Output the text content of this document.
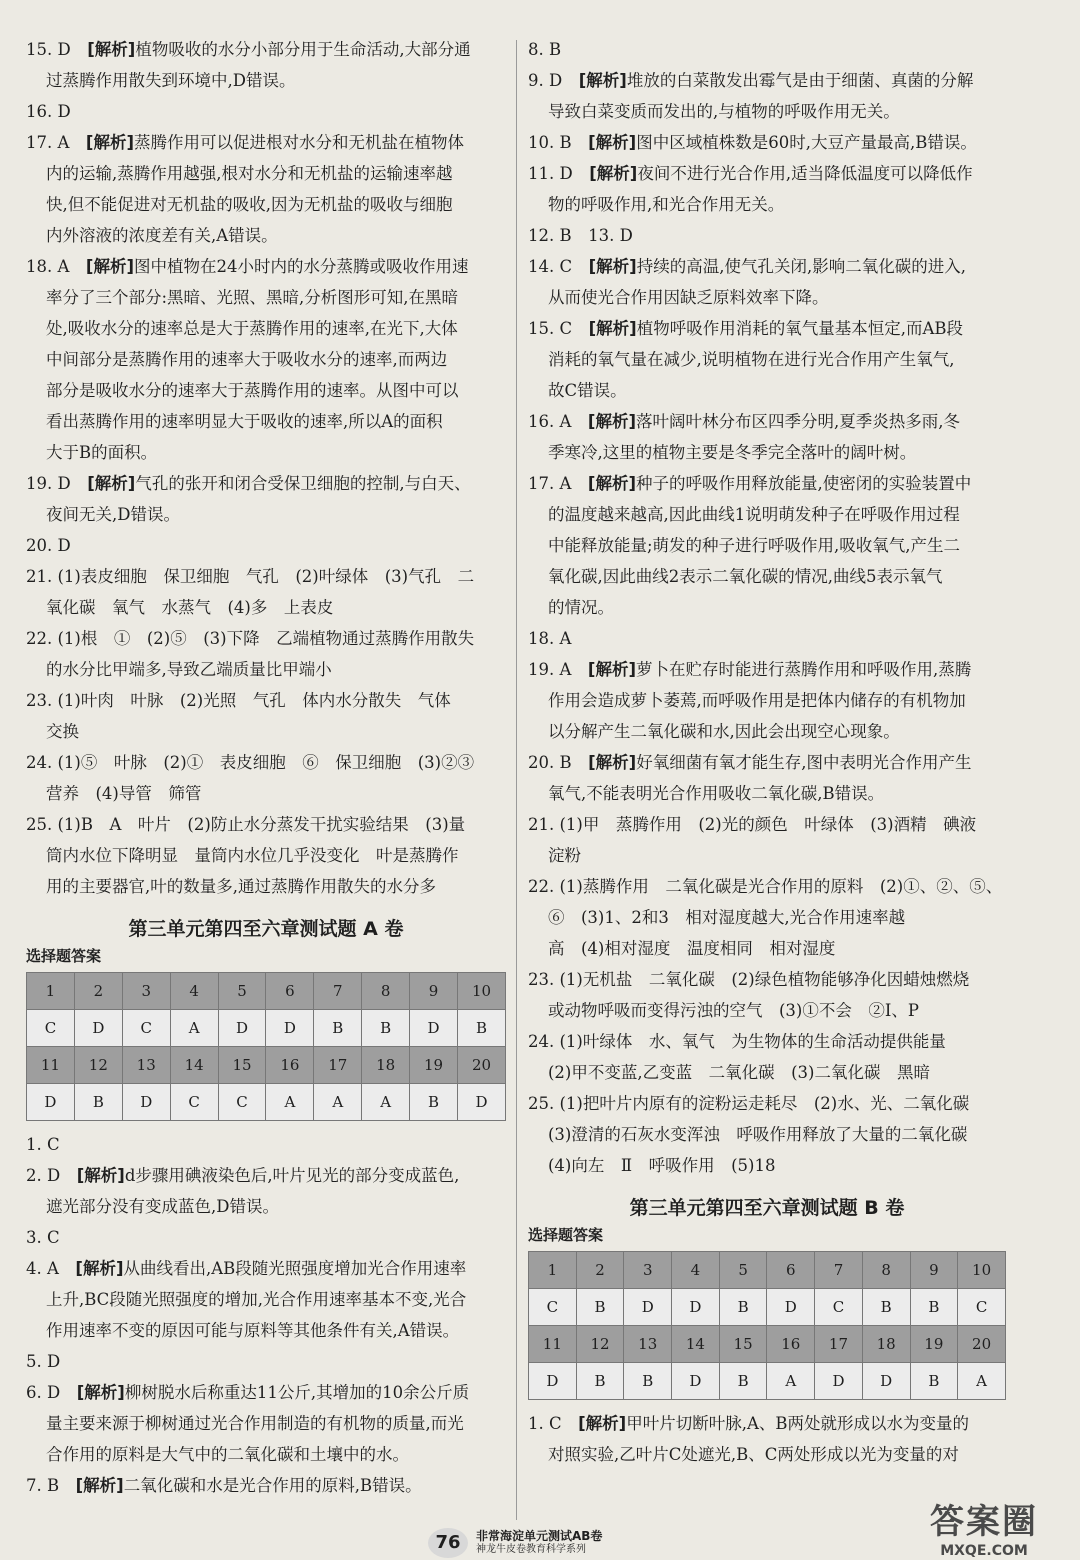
15. D　 [解析]植物吸收的水分小部分用于生命活动,大部分通
过蒸腾作用散失到环境中,D错误。
16. D　
17. A　 [解析]蒸腾作用可以促进根对水分和无机盐在植物体
内的运输,蒸腾作用越强,根对水分和无机盐的运输速率越
快,但不能促进对无机盐的吸收,因为无机盐的吸收与细胞
内外溶液的浓度差有关,A错误。
18. A　 [解析]图中植物在24小时内的水分蒸腾或吸收作用速
率分了三个部分:黑暗、光照、黑暗,分析图形可知,在黑暗
处,吸收水分的速率总是大于蒸腾作用的速率,在光下,大体
中间部分是蒸腾作用的速率大于吸收水分的速率,而两边
部分是吸收水分的速率大于蒸腾作用的速率。从图中可以
看出蒸腾作用的速率明显大于吸收的速率,所以A的面积
大于B的面积。
19. D　 [解析]气孔的张开和闭合受保卫细胞的控制,与白天、
夜间无关,D错误。
20. D　
21. (1)表皮细胞　保卫细胞　气孔　(2)叶绿体　(3)气孔　二
氧化碳　氧气　水蒸气　(4)多　上表皮
22. (1)根　①　(2)⑤　(3)下降　乙端植物通过蒸腾作用散失
的水分比甲端多,导致乙端质量比甲端小
23. (1)叶肉　叶脉　(2)光照　气孔　体内水分散失　气体
交换
24. (1)⑤　叶脉　(2)①　表皮细胞　⑥　保卫细胞　(3)②③
营养　(4)导管　筛管
25. (1)B　A　叶片　(2)防止水分蒸发干扰实验结果　(3)量
筒内水位下降明显　量筒内水位几乎没变化　叶是蒸腾作
用的主要器官,叶的数量多,通过蒸腾作用散失的水分多
第三单元第四至六章测试题 A 卷
选择题答案
1	2	3	4	5	6	7	8	9	10
C	D	C	A	D	D	B	B	D	B
11	12	13	14	15	16	17	18	19	20
D	B	D	C	C	A	A	A	B	D
1. C　
2. D　 [解析]d步骤用碘液染色后,叶片见光的部分变成蓝色,
遮光部分没有变成蓝色,D错误。
3. C　
4. A　 [解析]从曲线看出,AB段随光照强度增加光合作用速率
上升,BC段随光照强度的增加,光合作用速率基本不变,光合
作用速率不变的原因可能与原料等其他条件有关,A错误。
5. D　
6. D　 [解析]柳树脱水后称重达11公斤,其增加的10余公斤质
量主要来源于柳树通过光合作用制造的有机物的质量,而光
合作用的原料是大气中的二氧化碳和土壤中的水。
7. B　 [解析]二氧化碳和水是光合作用的原料,B错误。
8. B　
9. D　 [解析]堆放的白菜散发出霉气是由于细菌、真菌的分解
导致白菜变质而发出的,与植物的呼吸作用无关。
10. B　 [解析]图中区域植株数是60时,大豆产量最高,B错误。
11. D　 [解析]夜间不进行光合作用,适当降低温度可以降低作
物的呼吸作用,和光合作用无关。
12. B　13. D　
14. C　 [解析]持续的高温,使气孔关闭,影响二氧化碳的进入,
从而使光合作用因缺乏原料效率下降。
15. C　 [解析]植物呼吸作用消耗的氧气量基本恒定,而AB段
消耗的氧气量在减少,说明植物在进行光合作用产生氧气,
故C错误。
16. A　 [解析]落叶阔叶林分布区四季分明,夏季炎热多雨,冬
季寒冷,这里的植物主要是冬季完全落叶的阔叶树。
17. A　 [解析]种子的呼吸作用释放能量,使密闭的实验装置中
的温度越来越高,因此曲线1说明萌发种子在呼吸作用过程
中能释放能量;萌发的种子进行呼吸作用,吸收氧气,产生二
氧化碳,因此曲线2表示二氧化碳的情况,曲线5表示氧气
的情况。
18. A　
19. A　 [解析]萝卜在贮存时能进行蒸腾作用和呼吸作用,蒸腾
作用会造成萝卜萎蔫,而呼吸作用是把体内储存的有机物加
以分解产生二氧化碳和水,因此会出现空心现象。
20. B　 [解析]好氧细菌有氧才能生存,图中表明光合作用产生
氧气,不能表明光合作用吸收二氧化碳,B错误。
21. (1)甲　蒸腾作用　(2)光的颜色　叶绿体　(3)酒精　碘液
淀粉
22. (1)蒸腾作用　二氧化碳是光合作用的原料　(2)①、②、⑤、
⑥　(3)1、2和3　相对湿度越大,光合作用速率越
高　(4)相对湿度　温度相同　相对湿度
23. (1)无机盐　二氧化碳　(2)绿色植物能够净化因蜡烛燃烧
或动物呼吸而变得污浊的空气　(3)①不会　②Ⅰ、P
24. (1)叶绿体　水、氧气　为生物体的生命活动提供能量
(2)甲不变蓝,乙变蓝　二氧化碳　(3)二氧化碳　黑暗
25. (1)把叶片内原有的淀粉运走耗尽　(2)水、光、二氧化碳
(3)澄清的石灰水变浑浊　呼吸作用释放了大量的二氧化碳
(4)向左　Ⅱ　呼吸作用　(5)18
第三单元第四至六章测试题 B 卷
选择题答案
1	2	3	4	5	6	7	8	9	10
C	B	D	D	B	D	C	B	B	C
11	12	13	14	15	16	17	18	19	20
D	B	B	D	B	A	D	D	B	A
1. C　 [解析]甲叶片切断叶脉,A、B两处就形成以水为变量的
对照实验,乙叶片C处遮光,B、C两处形成以光为变量的对
76	非常海淀单元测试AB卷
神龙牛皮卷教育科学系列
答案圈
MXQE.COM
